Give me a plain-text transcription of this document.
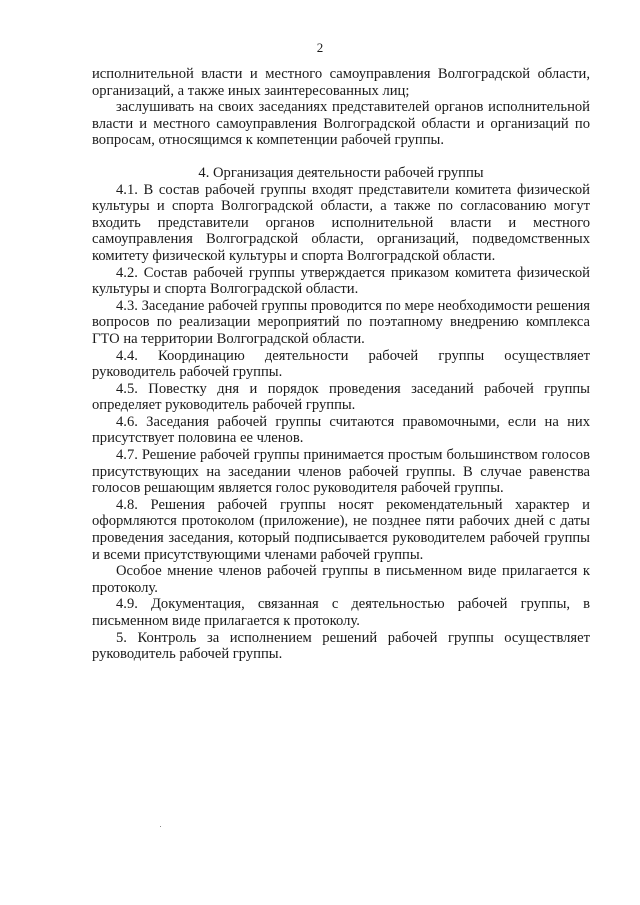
2

исполнительной власти и местного самоуправления Волгоградской области, организаций, а также иных заинтересованных лиц;

заслушивать на своих заседаниях представителей органов исполнительной власти и местного самоуправления Волгоградской области и организаций по вопросам, относящимся к компетенции рабочей группы.

4. Организация деятельности рабочей группы

4.1. В состав рабочей группы входят представители комитета физической культуры и спорта Волгоградской области, а также по согласованию могут входить представители органов исполнительной власти и местного самоуправления Волгоградской области, организаций, подведомственных комитету физической культуры и спорта Волгоградской области.

4.2. Состав рабочей группы утверждается приказом комитета физической культуры и спорта Волгоградской области.

4.3. Заседание рабочей группы проводится по мере необходимости решения вопросов по реализации мероприятий по поэтапному внедрению комплекса ГТО на территории Волгоградской области.

4.4. Координацию деятельности рабочей группы осуществляет руководитель рабочей группы.

4.5. Повестку дня и порядок проведения заседаний рабочей группы определяет руководитель рабочей группы.

4.6. Заседания рабочей группы считаются правомочными, если на них присутствует половина ее членов.

4.7. Решение рабочей группы принимается простым большинством голосов присутствующих на заседании членов рабочей группы. В случае равенства голосов решающим является голос руководителя рабочей группы.

4.8. Решения рабочей группы носят рекомендательный характер и оформляются протоколом (приложение), не позднее пяти рабочих дней с даты проведения заседания, который подписывается руководителем рабочей группы и всеми присутствующими членами рабочей группы.

Особое мнение членов рабочей группы в письменном виде прилагается к протоколу.

4.9. Документация, связанная с деятельностью рабочей группы, в письменном виде прилагается к протоколу.

5. Контроль за исполнением решений рабочей группы осуществляет руководитель рабочей группы.
